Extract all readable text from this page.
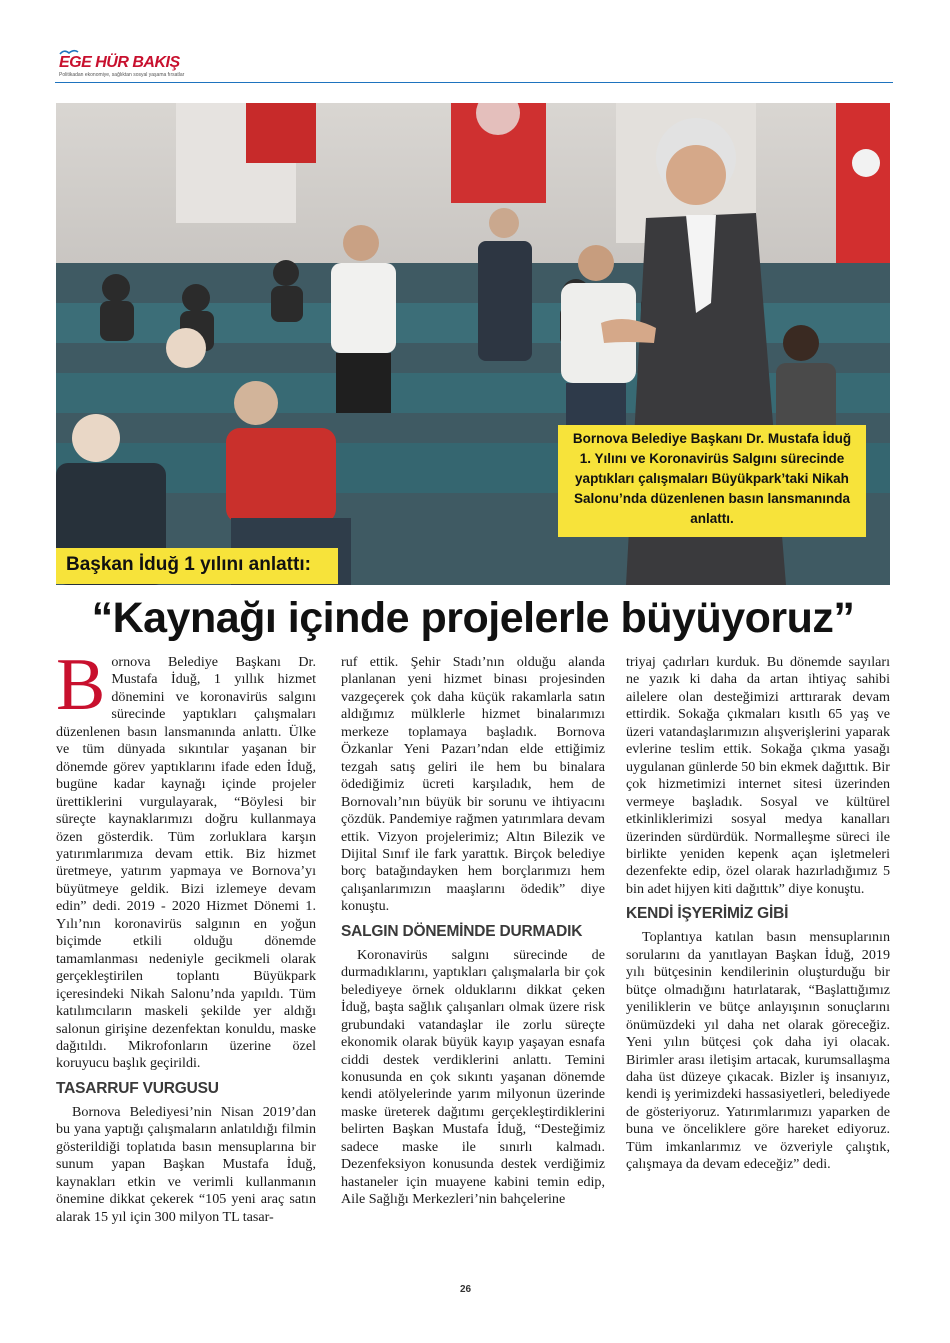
EGE HÜR BAKIŞ
Politikadan ekonomiye, sağlıktan sosyal yaşama fırsatlar

Bornova Belediye Başkanı Dr. Mustafa İduğ 1. Yılını ve Koronavirüs Salgını sürecinde yaptıkları çalışmaları Büyükpark’taki Nikah Salonu’nda düzenlenen basın lansmanında anlattı.

Başkan İduğ 1 yılını anlattı:
“Kaynağı içinde projelerle büyüyoruz”

B ornova Belediye Başkanı Dr. Mustafa İduğ, 1 yıllık hizmet dönemini ve koronavirüs salgını sürecinde yaptıkları çalışmaları düzenlenen basın lansmanında anlattı. Ülke ve tüm dünyada sıkıntılar yaşanan bir dönemde görev yaptıklarını ifade eden İduğ, bugüne kadar kaynağı içinde projeler ürettiklerini vurgulayarak, “Böylesi bir süreçte kaynaklarımızı doğru kullanmaya özen gösterdik. Tüm zorluklara karşın yatırımlarımıza devam ettik. Biz hizmet üretmeye, yatırım yapmaya ve Bornova’yı büyütmeye geldik. Bizi izlemeye devam edin” dedi. 2019 - 2020 Hizmet Dönemi 1. Yılı’nın koronavirüs salgının en yoğun biçimde etkili olduğu dönemde tamamlanması nedeniyle gecikmeli olarak gerçekleştirilen toplantı Büyükpark içeresindeki Nikah Salonu’nda yapıldı. Tüm katılımcıların maskeli şekilde yer aldığı salonun girişine dezenfektan konuldu, maske dağıtıldı. Mikrofonların üzerine özel koruyucu başlık geçirildi.

TASARRUF VURGUSU

Bornova Belediyesi’nin Nisan 2019’dan bu yana yaptığı çalışmaların anlatıldığı filmin gösterildiği toplatıda basın mensuplarına bir sunum yapan Başkan Mustafa İduğ, kaynakları etkin ve verimli kullanmanın önemine dikkat çekerek “105 yeni araç satın alarak 15 yıl için 300 milyon TL tasar-

ruf ettik. Şehir Stadı’nın olduğu alanda planlanan yeni hizmet binası projesinden vazgeçerek çok daha küçük rakamlarla satın aldığımız mülklerle hizmet binalarımızı merkeze toplamaya başladık. Bornova Özkanlar Yeni Pazarı’ndan elde ettiğimiz tezgah satış geliri ile hem bu binalara ödediğimiz ücreti karşıladık, hem de Bornovalı’nın büyük bir sorunu ve ihtiyacını çözdük. Pandemiye rağmen yatırımlara devam ettik. Vizyon projelerimiz; Altın Bilezik ve Dijital Sınıf ile fark yarattık. Birçok belediye borç batağındayken hem borçlarımızı hem çalışanlarımızın maaşlarını ödedik” diye konuştu.

SALGIN DÖNEMİNDE DURMADIK

Koronavirüs salgını sürecinde de durmadıklarını, yaptıkları çalışmalarla bir çok belediyeye örnek olduklarını dikkat çeken İduğ, başta sağlık çalışanları olmak üzere risk grubundaki vatandaşlar ile zorlu süreçte ekonomik olarak büyük kayıp yaşayan esnafa ciddi destek verdiklerini anlattı. Temini konusunda en çok sıkıntı yaşanan dönemde kendi atölyelerinde yarım milyonun üzerinde maske üreterek dağıtımı gerçekleştirdiklerini belirten Başkan Mustafa İduğ, “Desteğimiz sadece maske ile sınırlı kalmadı. Dezenfeksiyon konusunda destek verdiğimiz hastaneler için muayene kabini temin edip, Aile Sağlığı Merkezleri’nin bahçelerine

triyaj çadırları kurduk. Bu dönemde sayıları ne yazık ki daha da artan ihtiyaç sahibi ailelere olan desteğimizi arttırarak devam ettirdik. Sokağa çıkmaları kısıtlı 65 yaş ve üzeri vatandaşlarımızın alışverişlerini yaparak evlerine teslim ettik. Sokağa çıkma yasağı uygulanan günlerde 50 bin ekmek dağıttık. Bir çok hizmetimizi internet sitesi üzerinden vermeye başladık. Sosyal ve kültürel etkinliklerimizi sosyal medya kanalları üzerinden sürdürdük. Normalleşme süreci ile birlikte yeniden kepenk açan işletmeleri dezenfekte edip, özel olarak hazırladığımız 5 bin adet hijyen kiti dağıttık” diye konuştu.

KENDİ İŞYERİMİZ GİBİ

Toplantıya katılan basın mensuplarının sorularını da yanıtlayan Başkan İduğ, 2019 yılı bütçesinin kendilerinin oluşturduğu bir bütçe olmadığını hatırlatarak, “Başlattığımız yeniliklerin ve bütçe anlayışının sonuçlarını önümüzdeki yıl daha net olarak göreceğiz. Yeni yılın bütçesi çok daha iyi olacak. Birimler arası iletişim artacak, kurumsallaşma daha üst düzeye çıkacak. Bizler iş insanıyız, kendi iş yerimizdeki hassasiyetleri, belediyede de gösteriyoruz. Yatırımlarımızı yaparken de buna ve önceliklere göre hareket ediyoruz. Tüm imkanlarımız ve özveriyle çalıştık, çalışmaya da devam edeceğiz” dedi.

26
